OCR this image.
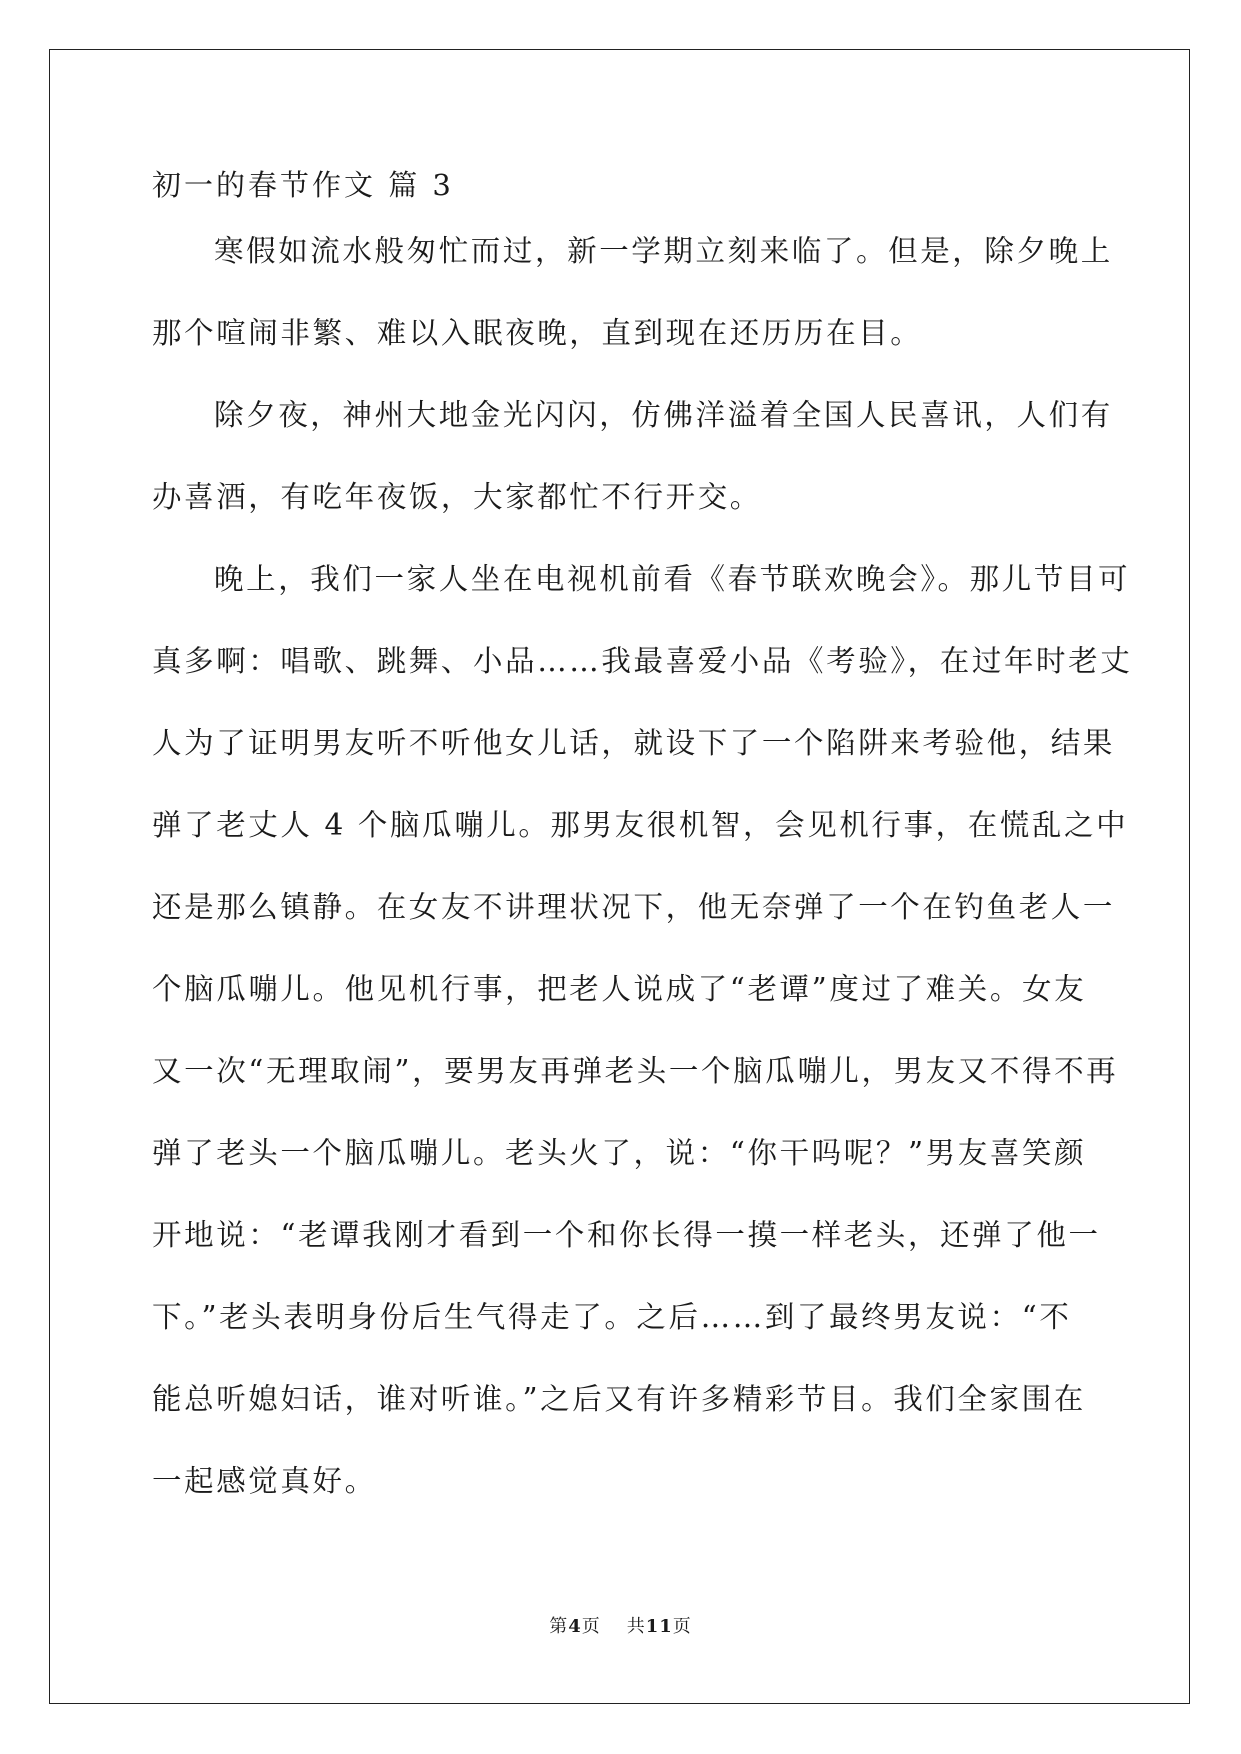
初一的春节作文 篇 3
寒假如流水般匆忙而过，新一学期立刻来临了。但是，除夕晚上
那个喧闹非繁、难以入眠夜晚，直到现在还历历在目。
除夕夜，神州大地金光闪闪，仿佛洋溢着全国人民喜讯，人们有
办喜酒，有吃年夜饭，大家都忙不行开交。
晚上，我们一家人坐在电视机前看《春节联欢晚会》。那儿节目可
真多啊：唱歌、跳舞、小品……我最喜爱小品《考验》，在过年时老丈
人为了证明男友听不听他女儿话，就设下了一个陷阱来考验他，结果
弹了老丈人 4 个脑瓜嘣儿。那男友很机智，会见机行事，在慌乱之中
还是那么镇静。在女友不讲理状况下，他无奈弹了一个在钓鱼老人一
个脑瓜嘣儿。他见机行事，把老人说成了“老谭”度过了难关。女友
又一次“无理取闹”，要男友再弹老头一个脑瓜嘣儿，男友又不得不再
弹了老头一个脑瓜嘣儿。老头火了，说：“你干吗呢？”男友喜笑颜
开地说：“老谭我刚才看到一个和你长得一摸一样老头，还弹了他一
下。”老头表明身份后生气得走了。之后……到了最终男友说：“不
能总听媳妇话，谁对听谁。”之后又有许多精彩节目。我们全家围在
一起感觉真好。
第4页 共11页
